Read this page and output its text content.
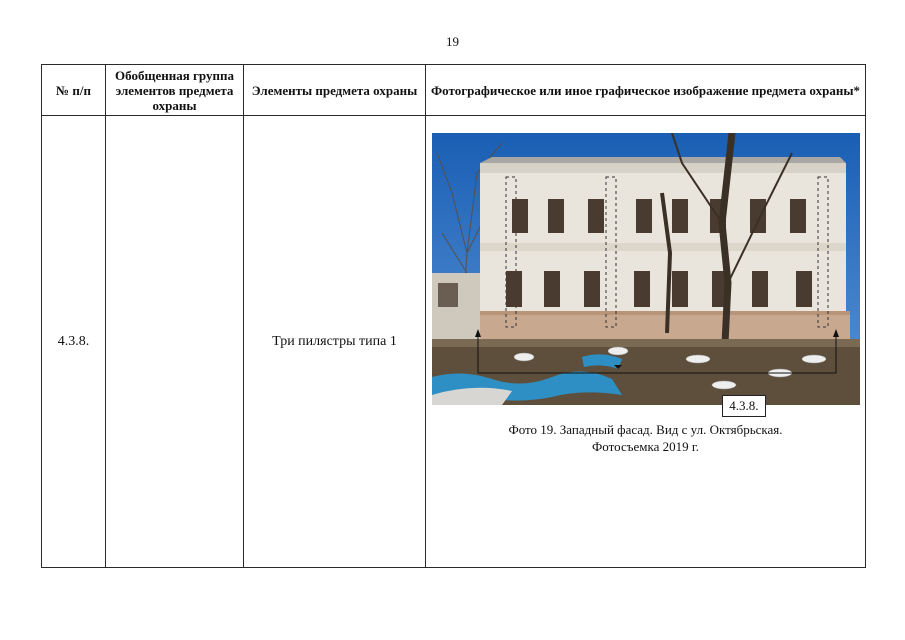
19
№ п/п	Обобщенная группа элементов предмета охраны	Элементы предмета охраны	Фотографическое или иное графическое изображение предмета охраны*
4.3.8.		Три пилястры типа 1	4.3.8.
Фото 19. Западный фасад. Вид с ул. Октябрьская.
Фотосъемка 2019 г.
